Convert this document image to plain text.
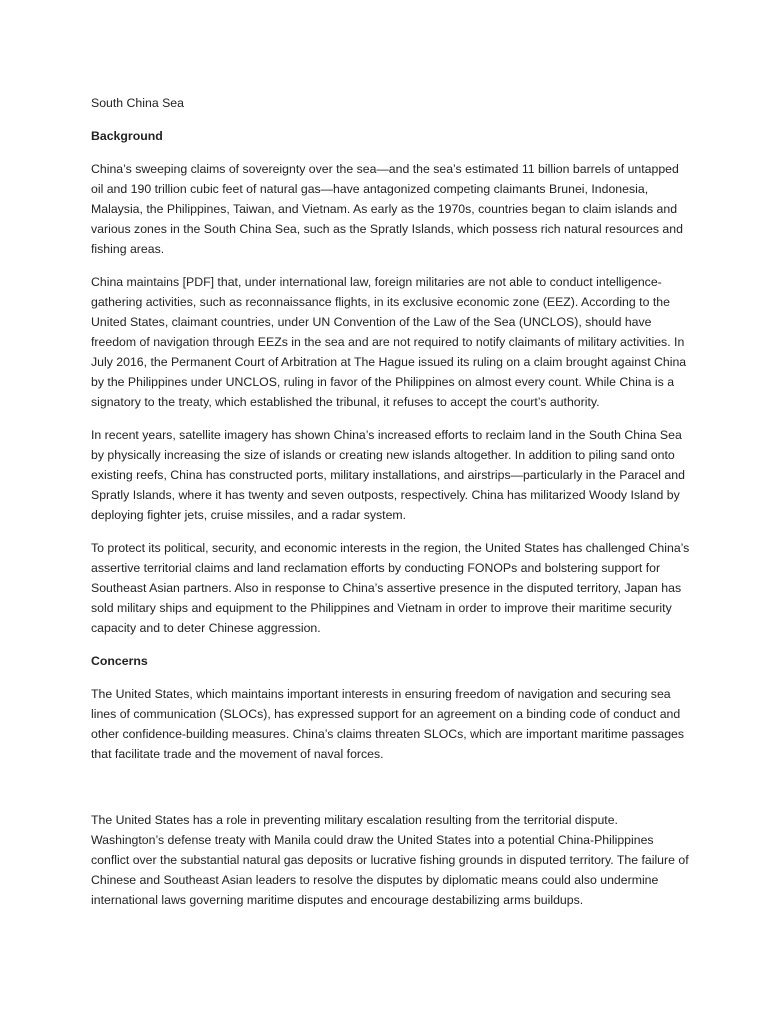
South China Sea

Background

China’s sweeping claims of sovereignty over the sea—and the sea’s estimated 11 billion barrels of untapped oil and 190 trillion cubic feet of natural gas—have antagonized competing claimants Brunei, Indonesia, Malaysia, the Philippines, Taiwan, and Vietnam. As early as the 1970s, countries began to claim islands and various zones in the South China Sea, such as the Spratly Islands, which possess rich natural resources and fishing areas.

China maintains [PDF] that, under international law, foreign militaries are not able to conduct intelligence-gathering activities, such as reconnaissance flights, in its exclusive economic zone (EEZ). According to the United States, claimant countries, under UN Convention of the Law of the Sea (UNCLOS), should have freedom of navigation through EEZs in the sea and are not required to notify claimants of military activities. In July 2016, the Permanent Court of Arbitration at The Hague issued its ruling on a claim brought against China by the Philippines under UNCLOS, ruling in favor of the Philippines on almost every count. While China is a signatory to the treaty, which established the tribunal, it refuses to accept the court’s authority.

In recent years, satellite imagery has shown China’s increased efforts to reclaim land in the South China Sea by physically increasing the size of islands or creating new islands altogether. In addition to piling sand onto existing reefs, China has constructed ports, military installations, and airstrips—particularly in the Paracel and Spratly Islands, where it has twenty and seven outposts, respectively. China has militarized Woody Island by deploying fighter jets, cruise missiles, and a radar system.

To protect its political, security, and economic interests in the region, the United States has challenged China’s assertive territorial claims and land reclamation efforts by conducting FONOPs and bolstering support for Southeast Asian partners. Also in response to China’s assertive presence in the disputed territory, Japan has sold military ships and equipment to the Philippines and Vietnam in order to improve their maritime security capacity and to deter Chinese aggression.

Concerns

The United States, which maintains important interests in ensuring freedom of navigation and securing sea lines of communication (SLOCs), has expressed support for an agreement on a binding code of conduct and other confidence-building measures. China’s claims threaten SLOCs, which are important maritime passages that facilitate trade and the movement of naval forces.

The United States has a role in preventing military escalation resulting from the territorial dispute. Washington’s defense treaty with Manila could draw the United States into a potential China-Philippines conflict over the substantial natural gas deposits or lucrative fishing grounds in disputed territory. The failure of Chinese and Southeast Asian leaders to resolve the disputes by diplomatic means could also undermine international laws governing maritime disputes and encourage destabilizing arms buildups.
